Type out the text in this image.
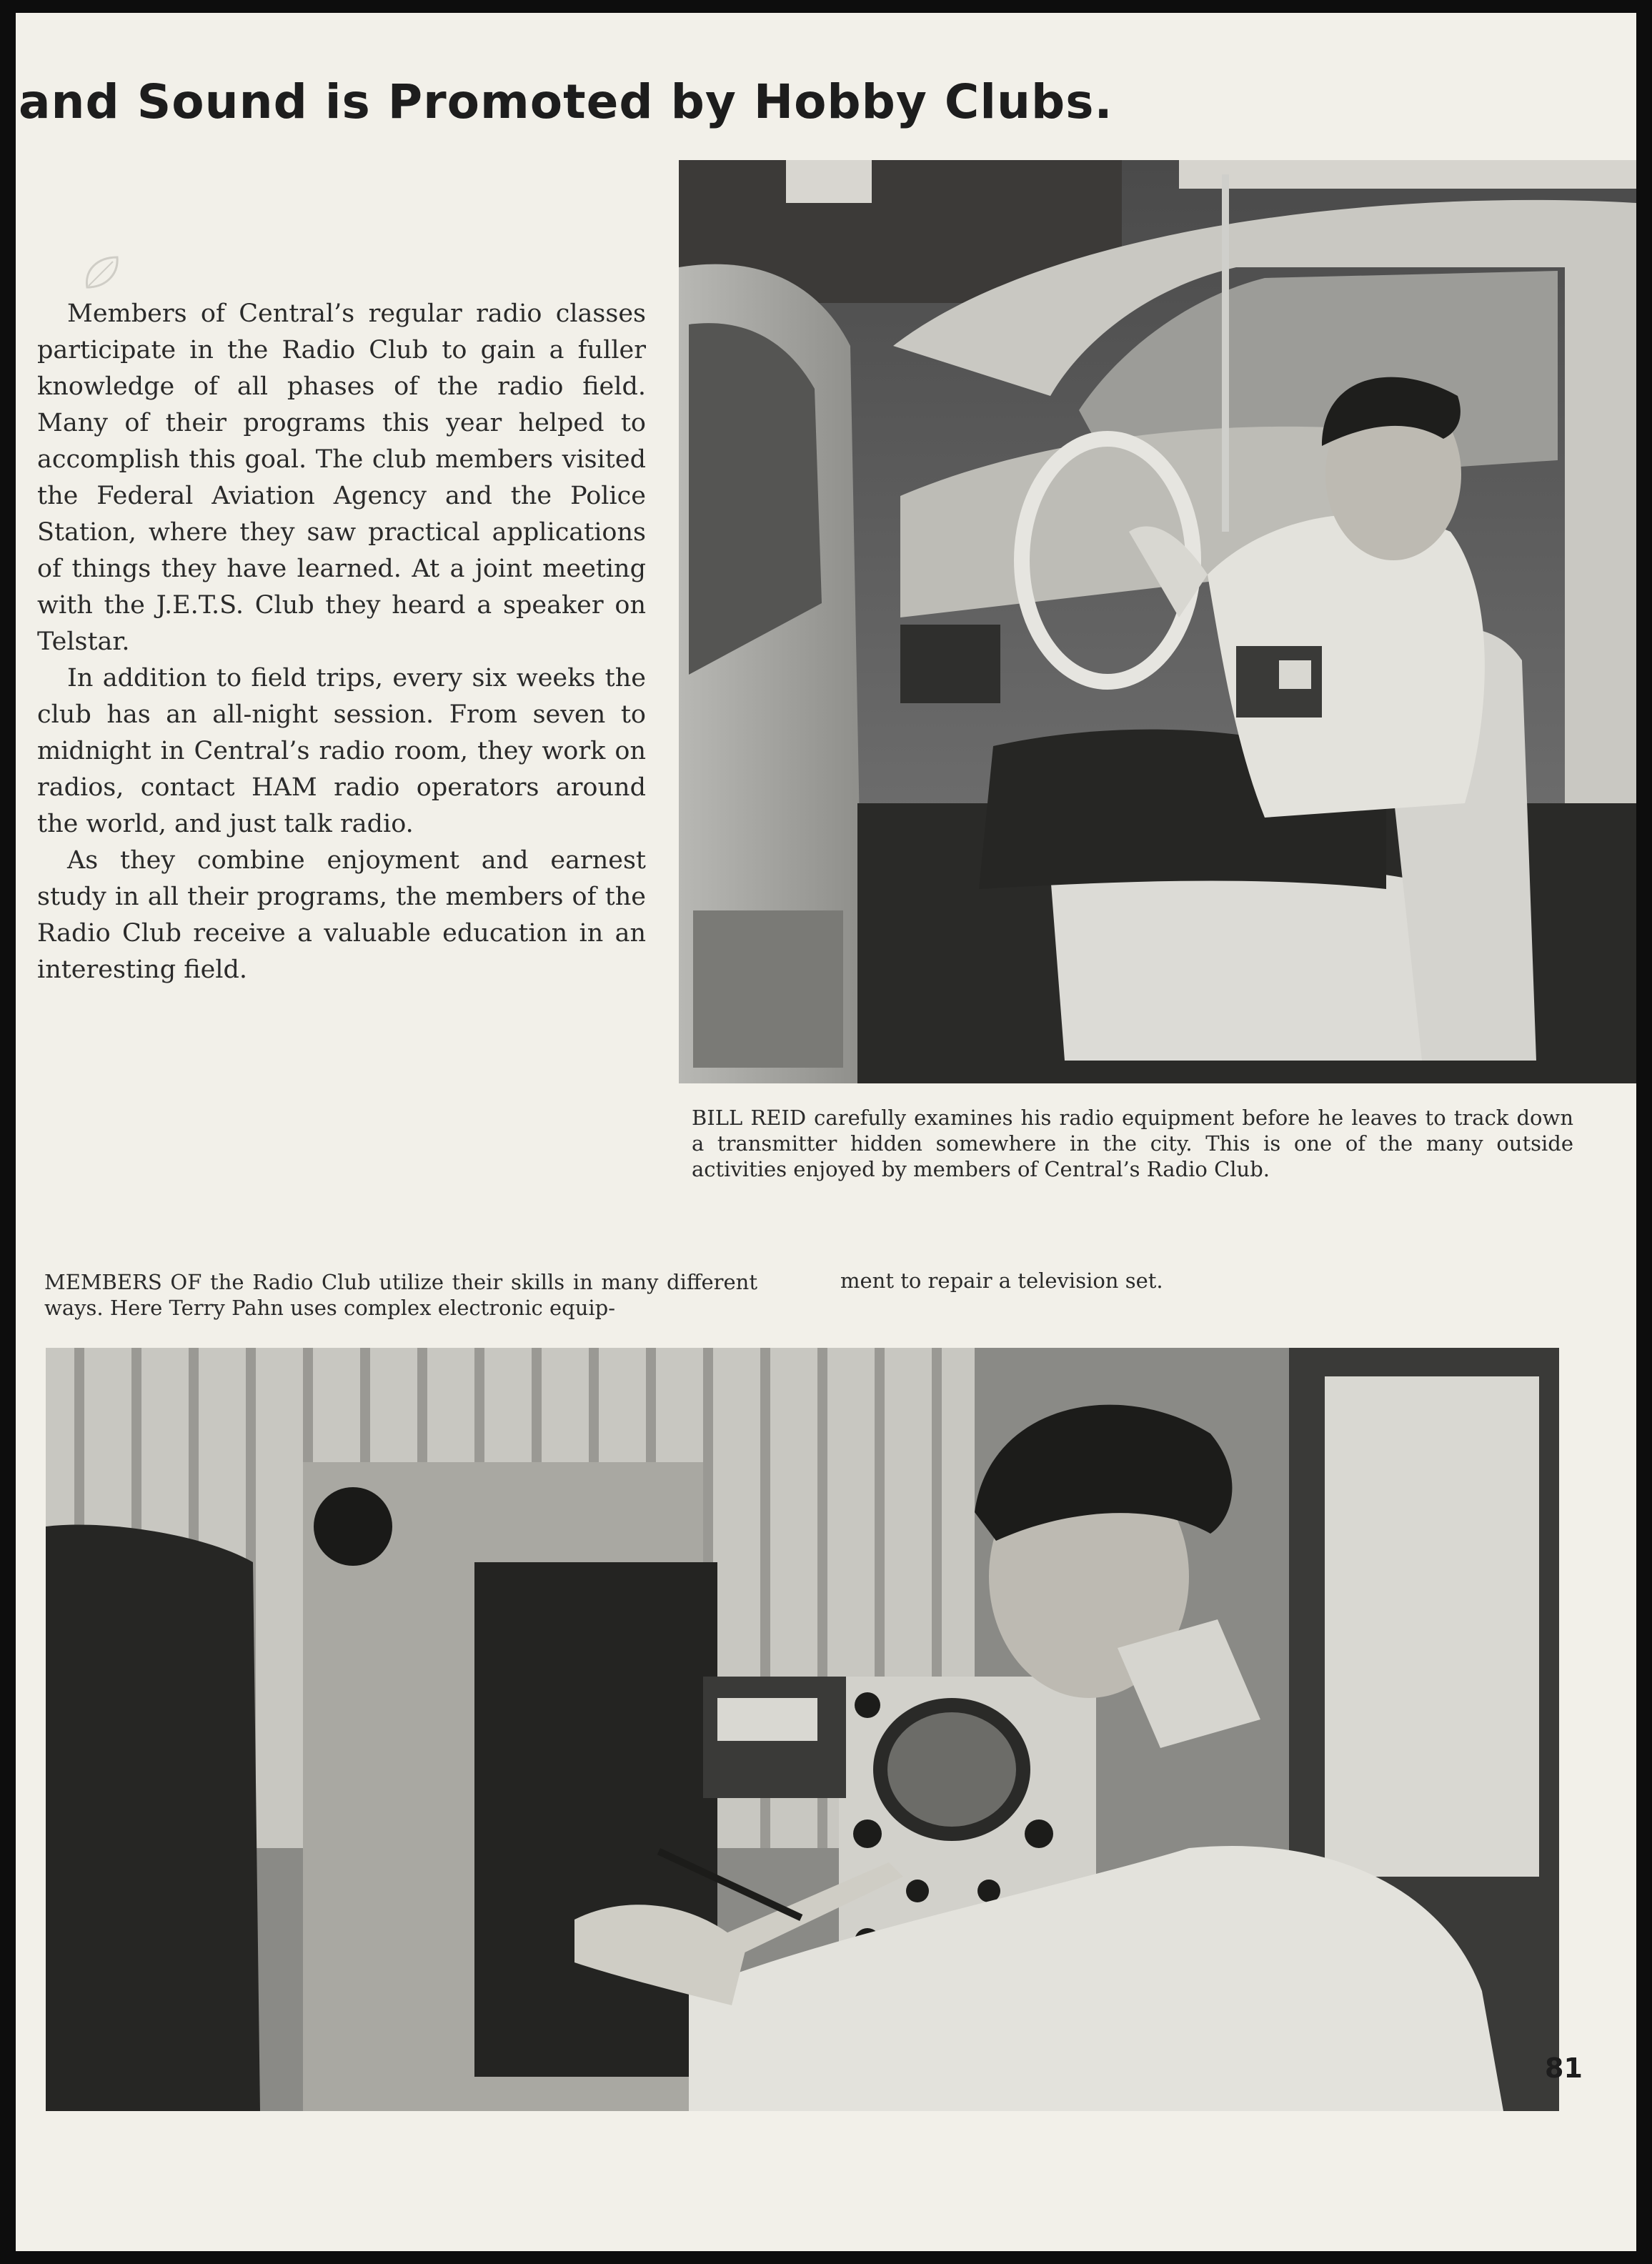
and Sound is Promoted by Hobby Clubs.

Members of Central’s regular radio classes participate in the Radio Club to gain a fuller knowledge of all phases of the radio field. Many of their programs this year helped to accomplish this goal. The club members visited the Federal Aviation Agency and the Police Station, where they saw practical applications of things they have learned. At a joint meeting with the J.E.T.S. Club they heard a speaker on Telstar.

In addition to field trips, every six weeks the club has an all-night session. From seven to midnight in Central’s radio room, they work on radios, contact HAM radio operators around the world, and just talk radio.

As they combine enjoyment and earnest study in all their programs, the members of the Radio Club receive a valuable education in an interesting field.

BILL REID carefully examines his radio equipment before he leaves to track down a transmitter hidden somewhere in the city. This is one of the many outside activities enjoyed by members of Central’s Radio Club.
MEMBERS OF the Radio Club utilize their skills in many different ways. Here Terry Pahn uses complex electronic equip-
ment to repair a television set.
81
